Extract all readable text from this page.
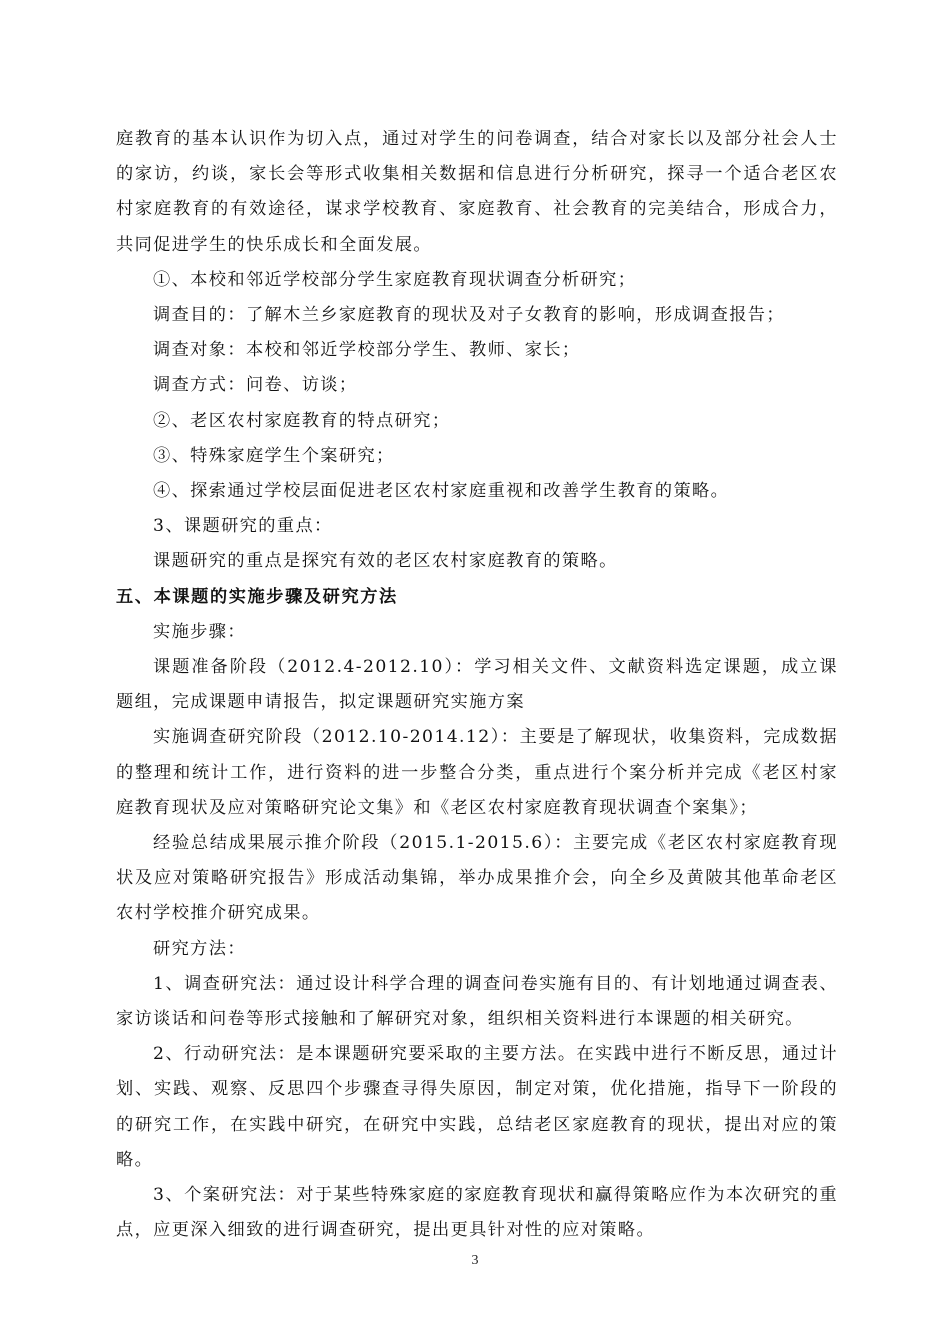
庭教育的基本认识作为切入点，通过对学生的问卷调查，结合对家长以及部分社会人士的家访，约谈，家长会等形式收集相关数据和信息进行分析研究，探寻一个适合老区农村家庭教育的有效途径，谋求学校教育、家庭教育、社会教育的完美结合，形成合力，共同促进学生的快乐成长和全面发展。

①、本校和邻近学校部分学生家庭教育现状调查分析研究；

调查目的：了解木兰乡家庭教育的现状及对子女教育的影响，形成调查报告；

调查对象：本校和邻近学校部分学生、教师、家长；

调查方式：问卷、访谈；

②、老区农村家庭教育的特点研究；

③、特殊家庭学生个案研究；

④、探索通过学校层面促进老区农村家庭重视和改善学生教育的策略。

3、课题研究的重点：

课题研究的重点是探究有效的老区农村家庭教育的策略。

五、本课题的实施步骤及研究方法

实施步骤：

课题准备阶段（2012.4-2012.10）：学习相关文件、文献资料选定课题，成立课题组，完成课题申请报告，拟定课题研究实施方案

实施调查研究阶段（2012.10-2014.12）：主要是了解现状，收集资料，完成数据的整理和统计工作，进行资料的进一步整合分类，重点进行个案分析并完成《老区村家庭教育现状及应对策略研究论文集》和《老区农村家庭教育现状调查个案集》；

经验总结成果展示推介阶段（2015.1-2015.6）：主要完成《老区农村家庭教育现状及应对策略研究报告》形成活动集锦，举办成果推介会，向全乡及黄陂其他革命老区农村学校推介研究成果。

研究方法：

1、调查研究法：通过设计科学合理的调查问卷实施有目的、有计划地通过调查表、家访谈话和问卷等形式接触和了解研究对象，组织相关资料进行本课题的相关研究。

2、行动研究法：是本课题研究要采取的主要方法。在实践中进行不断反思，通过计划、实践、观察、反思四个步骤查寻得失原因，制定对策，优化措施，指导下一阶段的的研究工作，在实践中研究，在研究中实践，总结老区家庭教育的现状，提出对应的策略。

3、个案研究法：对于某些特殊家庭的家庭教育现状和赢得策略应作为本次研究的重点，应更深入细致的进行调查研究，提出更具针对性的应对策略。

3
